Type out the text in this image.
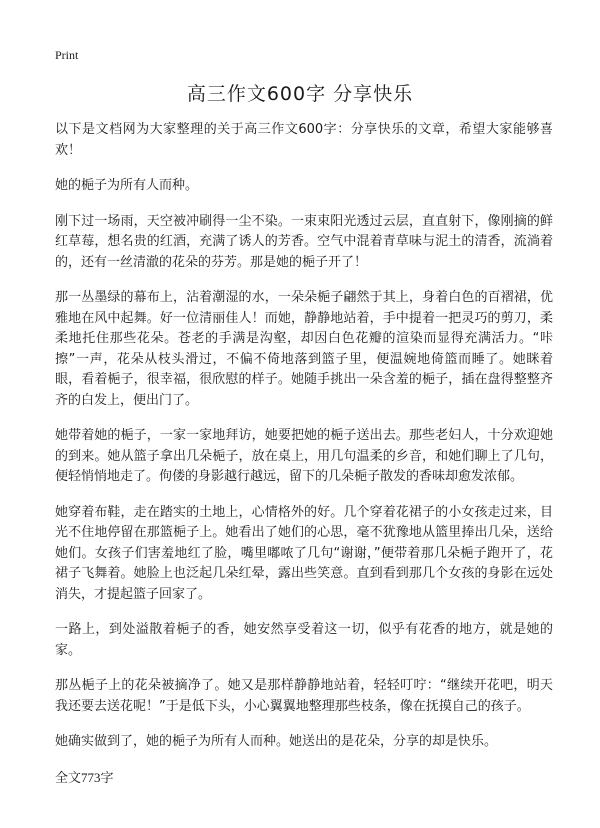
Print
高三作文600字 分享快乐

以下是文档网为大家整理的关于高三作文600字：分享快乐的文章，希望大家能够喜欢！

她的梔子为所有人而种。

刚下过一场雨，天空被冲刷得一尘不染。一束束阳光透过云层，直直射下，像刚摘的鲜红草莓，想名贵的红酒，充满了诱人的芳香。空气中混着青草味与泥土的清香，流淌着的，还有一丝清澈的花朵的芬芳。那是她的梔子开了！

那一丛墨绿的幕布上，沾着潮湿的水，一朵朵梔子翩然于其上，身着白色的百褶裙，优雅地在风中起舞。好一位清丽佳人！而她，静静地站着，手中提着一把灵巧的剪刀，柔柔地托住那些花朵。苍老的手满是沟壑，却因白色花瓣的渲染而显得充满活力。“咔擦”一声，花朵从枝头滑过，不偏不倚地落到篮子里，便温婉地倚篮而睡了。她眯着眼，看着梔子，很幸福，很欣慰的样子。她随手挑出一朵含羞的梔子，插在盘得整整齐齐的白发上，便出门了。

她带着她的梔子，一家一家地拜访，她要把她的梔子送出去。那些老妇人，十分欢迎她的到来。她从篮子拿出几朵梔子，放在桌上，用几句温柔的乡音，和她们聊上了几句，便轻悄悄地走了。佝偻的身影越行越远，留下的几朵梔子散发的香味却愈发浓郁。

她穿着布鞋，走在踏实的土地上，心情格外的好。几个穿着花裙子的小女孩走过来，目光不住地停留在那篮梔子上。她看出了她们的心思，毫不犹豫地从篮里捧出几朵，送给她们。女孩子们害羞地红了脸，嘴里嘟哝了几句“谢谢，”便带着那几朵梔子跑开了，花裙子飞舞着。她脸上也泛起几朵红晕，露出些笑意。直到看到那几个女孩的身影在远处消失，才提起篮子回家了。

一路上，到处溢散着梔子的香，她安然享受着这一切，似乎有花香的地方，就是她的家。

那丛梔子上的花朵被摘净了。她又是那样静静地站着，轻轻叮咛：“继续开花吧，明天我还要去送花呢！”于是低下头，小心翼翼地整理那些枝条，像在抚摸自己的孩子。

她确实做到了，她的梔子为所有人而种。她送出的是花朵，分享的却是快乐。

全文773字
